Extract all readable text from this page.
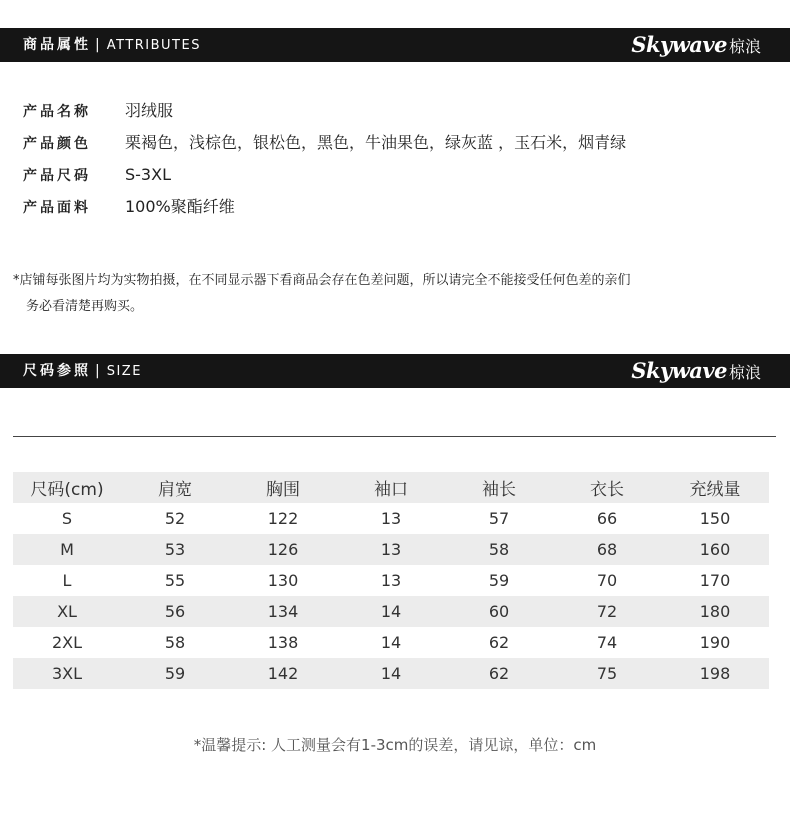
商品属性 | ATTRIBUTES	Skywave 椋浪
产品名称 羽绒服
产品颜色 栗褐色，浅棕色，银松色，黑色，牛油果色，绿灰蓝 ，玉石米，烟青绿
产品尺码 S-3XL
产品面料 100%聚酯纤维
*店铺每张图片均为实物拍摄，在不同显示器下看商品会存在色差问题，所以请完全不能接受任何色差的亲们
务必看清楚再购买。
尺码参照 | SIZE	Skywave 椋浪
尺码(cm)	肩宽	胸围	袖口	袖长	衣长	充绒量
S	52	122	13	57	66	150
M	53	126	13	58	68	160
L	55	130	13	59	70	170
XL	56	134	14	60	72	180
2XL	58	138	14	62	74	190
3XL	59	142	14	62	75	198
*温馨提示: 人工测量会有1-3cm的误差，请见谅，单位：cm
